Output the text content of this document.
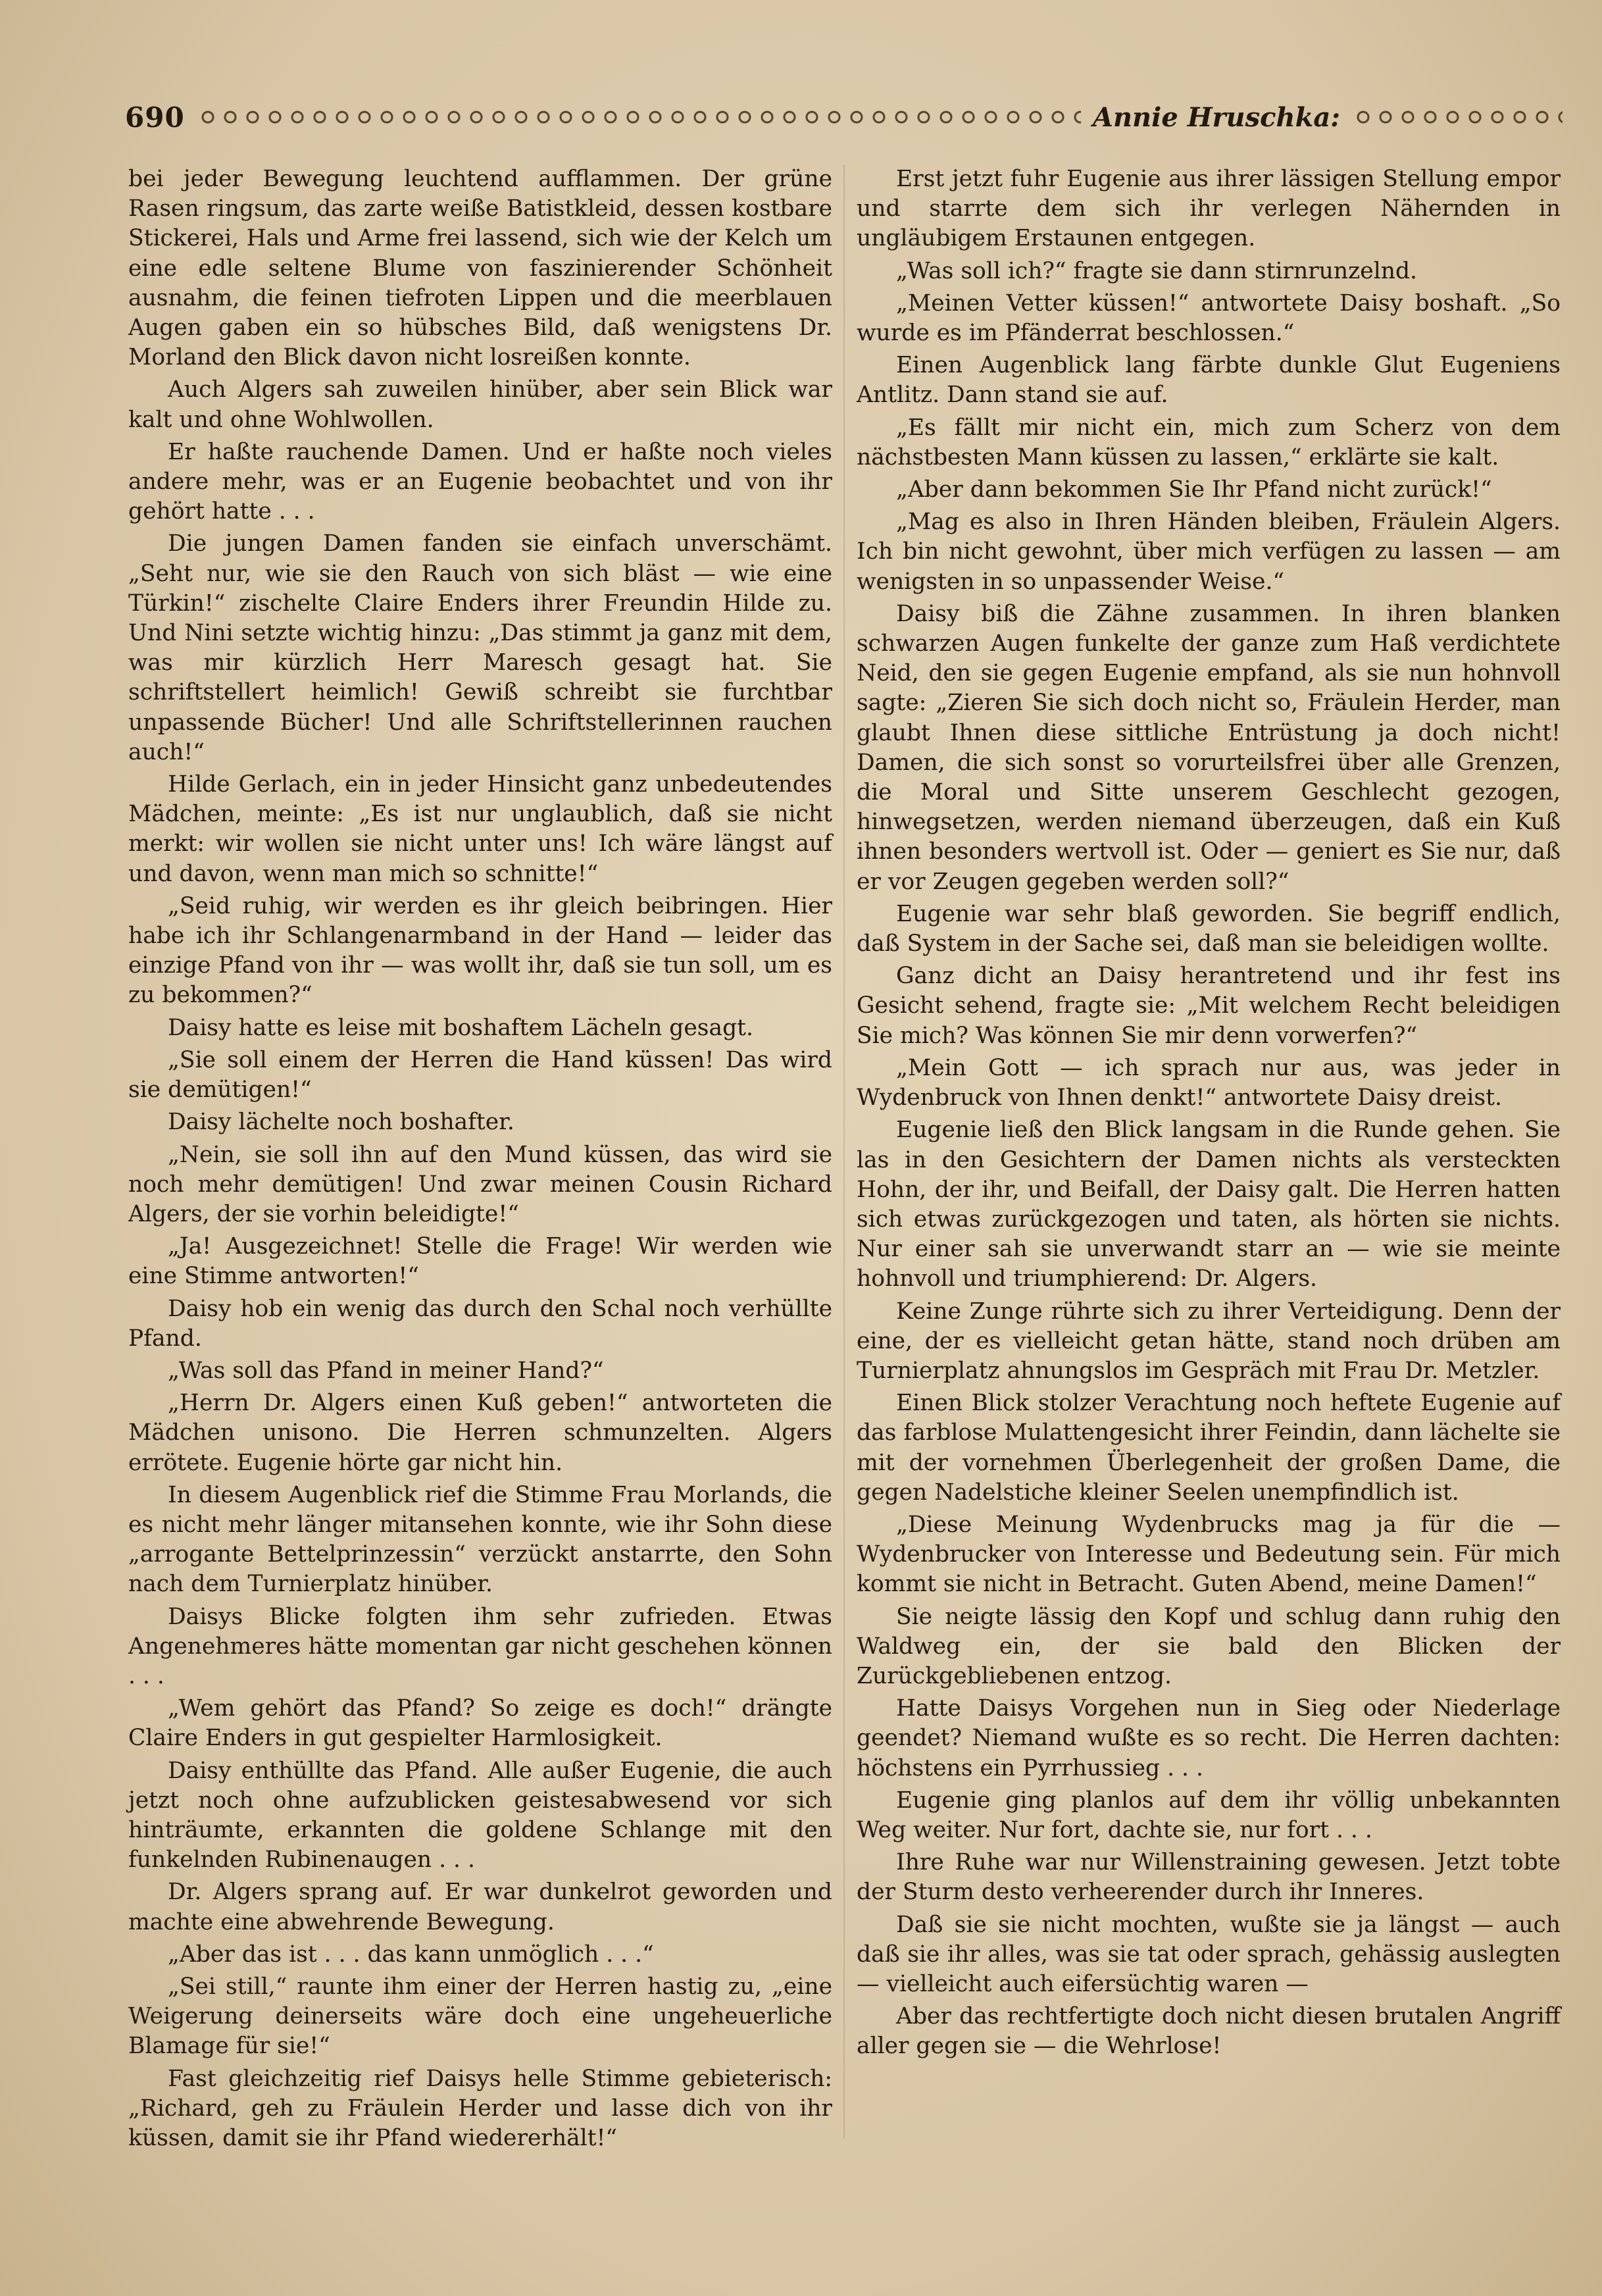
690	Annie Hruschka:

bei jeder Bewegung leuchtend aufflammen. Der grüne Rasen ringsum, das zarte weiße Batistkleid, dessen kostbare Stickerei, Hals und Arme frei lassend, sich wie der Kelch um eine edle seltene Blume von faszinierender Schönheit ausnahm, die feinen tiefroten Lippen und die meerblauen Augen gaben ein so hübsches Bild, daß wenigstens Dr. Morland den Blick davon nicht losreißen konnte.

Auch Algers sah zuweilen hinüber, aber sein Blick war kalt und ohne Wohlwollen.

Er haßte rauchende Damen. Und er haßte noch vieles andere mehr, was er an Eugenie beobachtet und von ihr gehört hatte . . .

Die jungen Damen fanden sie einfach unverschämt. „Seht nur, wie sie den Rauch von sich bläst — wie eine Türkin!“ zischelte Claire Enders ihrer Freundin Hilde zu. Und Nini setzte wichtig hinzu: „Das stimmt ja ganz mit dem, was mir kürzlich Herr Maresch gesagt hat. Sie schriftstellert heimlich! Gewiß schreibt sie furchtbar unpassende Bücher! Und alle Schriftstellerinnen rauchen auch!“

Hilde Gerlach, ein in jeder Hinsicht ganz unbedeutendes Mädchen, meinte: „Es ist nur unglaublich, daß sie nicht merkt: wir wollen sie nicht unter uns! Ich wäre längst auf und davon, wenn man mich so schnitte!“

„Seid ruhig, wir werden es ihr gleich beibringen. Hier habe ich ihr Schlangenarmband in der Hand — leider das einzige Pfand von ihr — was wollt ihr, daß sie tun soll, um es zu bekommen?“

Daisy hatte es leise mit boshaftem Lächeln gesagt.

„Sie soll einem der Herren die Hand küssen! Das wird sie demütigen!“

Daisy lächelte noch boshafter.

„Nein, sie soll ihn auf den Mund küssen, das wird sie noch mehr demütigen! Und zwar meinen Cousin Richard Algers, der sie vorhin beleidigte!“

„Ja! Ausgezeichnet! Stelle die Frage! Wir werden wie eine Stimme antworten!“

Daisy hob ein wenig das durch den Schal noch verhüllte Pfand.

„Was soll das Pfand in meiner Hand?“

„Herrn Dr. Algers einen Kuß geben!“ antworteten die Mädchen unisono. Die Herren schmunzelten. Algers errötete. Eugenie hörte gar nicht hin.

In diesem Augenblick rief die Stimme Frau Morlands, die es nicht mehr länger mitansehen konnte, wie ihr Sohn diese „arrogante Bettelprinzessin“ verzückt anstarrte, den Sohn nach dem Turnierplatz hinüber.

Daisys Blicke folgten ihm sehr zufrieden. Etwas Angenehmeres hätte momentan gar nicht geschehen können . . .

„Wem gehört das Pfand? So zeige es doch!“ drängte Claire Enders in gut gespielter Harmlosigkeit.

Daisy enthüllte das Pfand. Alle außer Eugenie, die auch jetzt noch ohne aufzublicken geistesabwesend vor sich hinträumte, erkannten die goldene Schlange mit den funkelnden Rubinenaugen . . .

Dr. Algers sprang auf. Er war dunkelrot geworden und machte eine abwehrende Bewegung.

„Aber das ist . . . das kann unmöglich . . .“

„Sei still,“ raunte ihm einer der Herren hastig zu, „eine Weigerung deinerseits wäre doch eine ungeheuerliche Blamage für sie!“

Fast gleichzeitig rief Daisys helle Stimme gebieterisch: „Richard, geh zu Fräulein Herder und lasse dich von ihr küssen, damit sie ihr Pfand wiedererhält!“

Erst jetzt fuhr Eugenie aus ihrer lässigen Stellung empor und starrte dem sich ihr verlegen Nähernden in ungläubigem Erstaunen entgegen.

„Was soll ich?“ fragte sie dann stirnrunzelnd.

„Meinen Vetter küssen!“ antwortete Daisy boshaft. „So wurde es im Pfänderrat beschlossen.“

Einen Augenblick lang färbte dunkle Glut Eugeniens Antlitz. Dann stand sie auf.

„Es fällt mir nicht ein, mich zum Scherz von dem nächstbesten Mann küssen zu lassen,“ erklärte sie kalt.

„Aber dann bekommen Sie Ihr Pfand nicht zurück!“

„Mag es also in Ihren Händen bleiben, Fräulein Algers. Ich bin nicht gewohnt, über mich verfügen zu lassen — am wenigsten in so unpassender Weise.“

Daisy biß die Zähne zusammen. In ihren blanken schwarzen Augen funkelte der ganze zum Haß verdichtete Neid, den sie gegen Eugenie empfand, als sie nun hohnvoll sagte: „Zieren Sie sich doch nicht so, Fräulein Herder, man glaubt Ihnen diese sittliche Entrüstung ja doch nicht! Damen, die sich sonst so vorurteilsfrei über alle Grenzen, die Moral und Sitte unserem Geschlecht gezogen, hinwegsetzen, werden niemand überzeugen, daß ein Kuß ihnen besonders wertvoll ist. Oder — geniert es Sie nur, daß er vor Zeugen gegeben werden soll?“

Eugenie war sehr blaß geworden. Sie begriff endlich, daß System in der Sache sei, daß man sie beleidigen wollte.

Ganz dicht an Daisy herantretend und ihr fest ins Gesicht sehend, fragte sie: „Mit welchem Recht beleidigen Sie mich? Was können Sie mir denn vorwerfen?“

„Mein Gott — ich sprach nur aus, was jeder in Wydenbruck von Ihnen denkt!“ antwortete Daisy dreist.

Eugenie ließ den Blick langsam in die Runde gehen. Sie las in den Gesichtern der Damen nichts als versteckten Hohn, der ihr, und Beifall, der Daisy galt. Die Herren hatten sich etwas zurückgezogen und taten, als hörten sie nichts. Nur einer sah sie unverwandt starr an — wie sie meinte hohnvoll und triumphierend: Dr. Algers.

Keine Zunge rührte sich zu ihrer Verteidigung. Denn der eine, der es vielleicht getan hätte, stand noch drüben am Turnierplatz ahnungslos im Gespräch mit Frau Dr. Metzler.

Einen Blick stolzer Verachtung noch heftete Eugenie auf das farblose Mulattengesicht ihrer Feindin, dann lächelte sie mit der vornehmen Überlegenheit der großen Dame, die gegen Nadelstiche kleiner Seelen unempfindlich ist.

„Diese Meinung Wydenbrucks mag ja für die — Wydenbrucker von Interesse und Bedeutung sein. Für mich kommt sie nicht in Betracht. Guten Abend, meine Damen!“

Sie neigte lässig den Kopf und schlug dann ruhig den Waldweg ein, der sie bald den Blicken der Zurückgebliebenen entzog.

Hatte Daisys Vorgehen nun in Sieg oder Niederlage geendet? Niemand wußte es so recht. Die Herren dachten: höchstens ein Pyrrhussieg . . .

Eugenie ging planlos auf dem ihr völlig unbekannten Weg weiter. Nur fort, dachte sie, nur fort . . .

Ihre Ruhe war nur Willenstraining gewesen. Jetzt tobte der Sturm desto verheerender durch ihr Inneres.

Daß sie sie nicht mochten, wußte sie ja längst — auch daß sie ihr alles, was sie tat oder sprach, gehässig auslegten — vielleicht auch eifersüchtig waren —

Aber das rechtfertigte doch nicht diesen brutalen Angriff aller gegen sie — die Wehrlose!
